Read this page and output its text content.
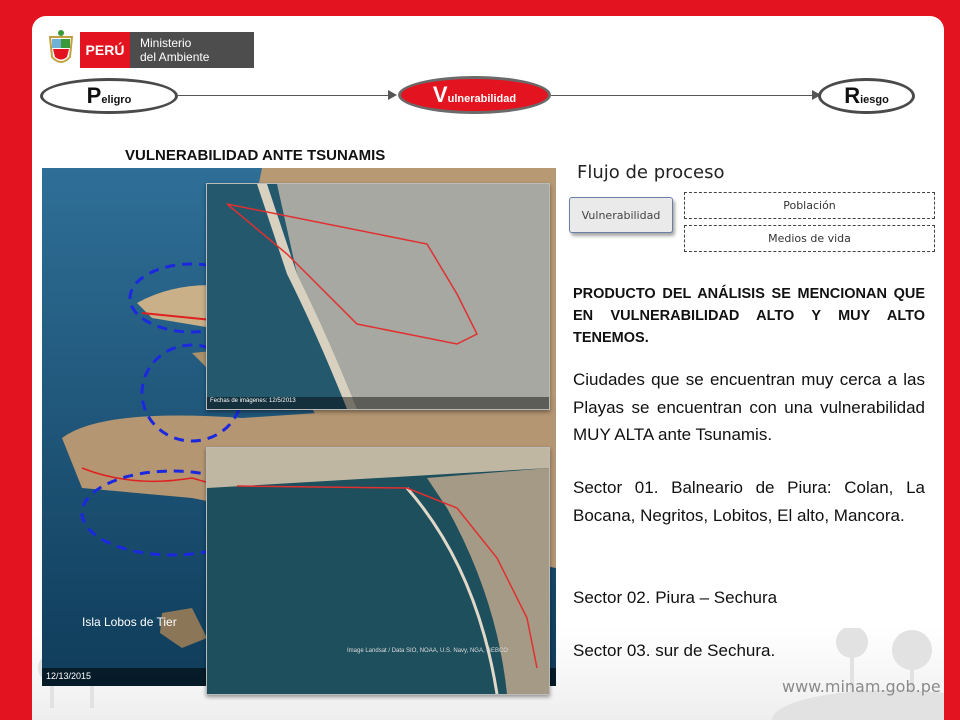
PERÚ Ministerio
del Ambiente
P eligro	V ulnerabilidad	R iesgo
VULNERABILIDAD ANTE TSUNAMIS
Isla Lobos de Tier
12/13/2015
Fechas de imágenes: 12/5/2013
Image Landsat / Data SIO, NOAA, U.S. Navy, NGA, GEBCO
Flujo de proceso
Vulnerabilidad
Población
Medios de vida
PRODUCTO DEL ANÁLISIS SE MENCIONAN QUE EN VULNERABILIDAD ALTO Y MUY ALTO TENEMOS.
Ciudades que se encuentran muy cerca a las Playas se encuentran con una vulnerabilidad MUY ALTA ante Tsunamis.
Sector 01. Balneario de Piura: Colan, La Bocana, Negritos, Lobitos, El alto, Mancora.
Sector 02. Piura – Sechura
Sector 03. sur de Sechura.
www.minam.gob.pe
